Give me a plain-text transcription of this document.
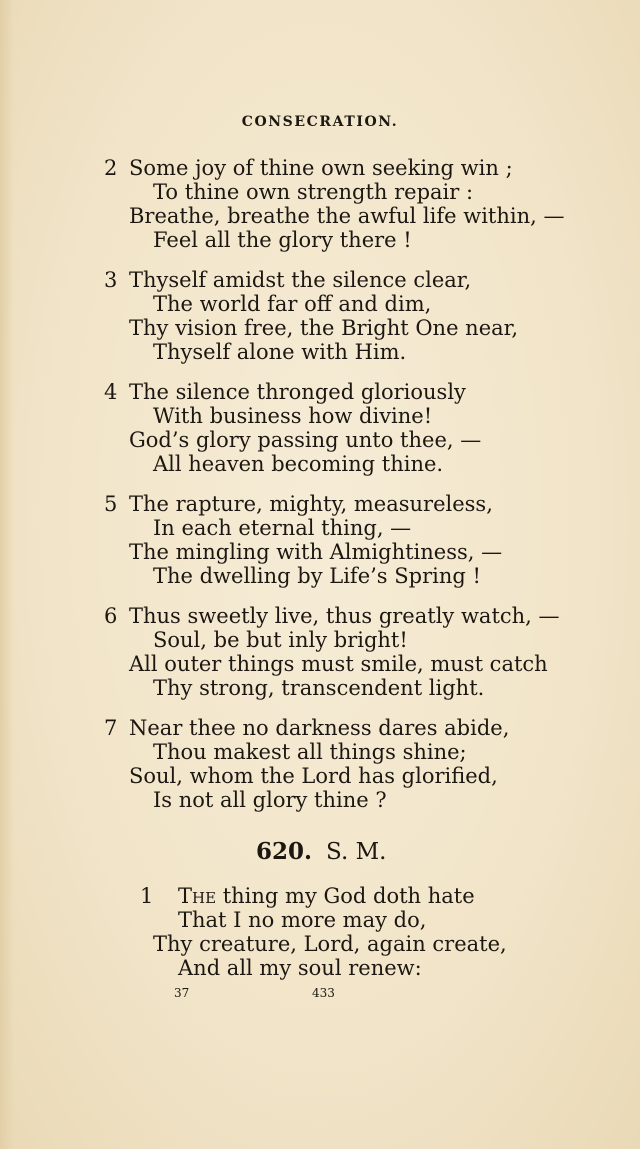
CONSECRATION.
2 Some joy of thine own seeking win ;
To thine own strength repair :
Breathe, breathe the awful life within, —
Feel all the glory there !
3 Thyself amidst the silence clear,
The world far off and dim,
Thy vision free, the Bright One near,
Thyself alone with Him.
4 The silence thronged gloriously
With business how divine!
God’s glory passing unto thee, —
All heaven becoming thine.
5 The rapture, mighty, measureless,
In each eternal thing, —
The mingling with Almightiness, —
The dwelling by Life’s Spring !
6 Thus sweetly live, thus greatly watch, —
Soul, be but inly bright!
All outer things must smile, must catch
Thy strong, transcendent light.
7 Near thee no darkness dares abide,
Thou makest all things shine;
Soul, whom the Lord has glorified,
Is not all glory thine ?
620. S. M.
1 The thing my God doth hate
That I no more may do,
Thy creature, Lord, again create,
And all my soul renew:
37	433
